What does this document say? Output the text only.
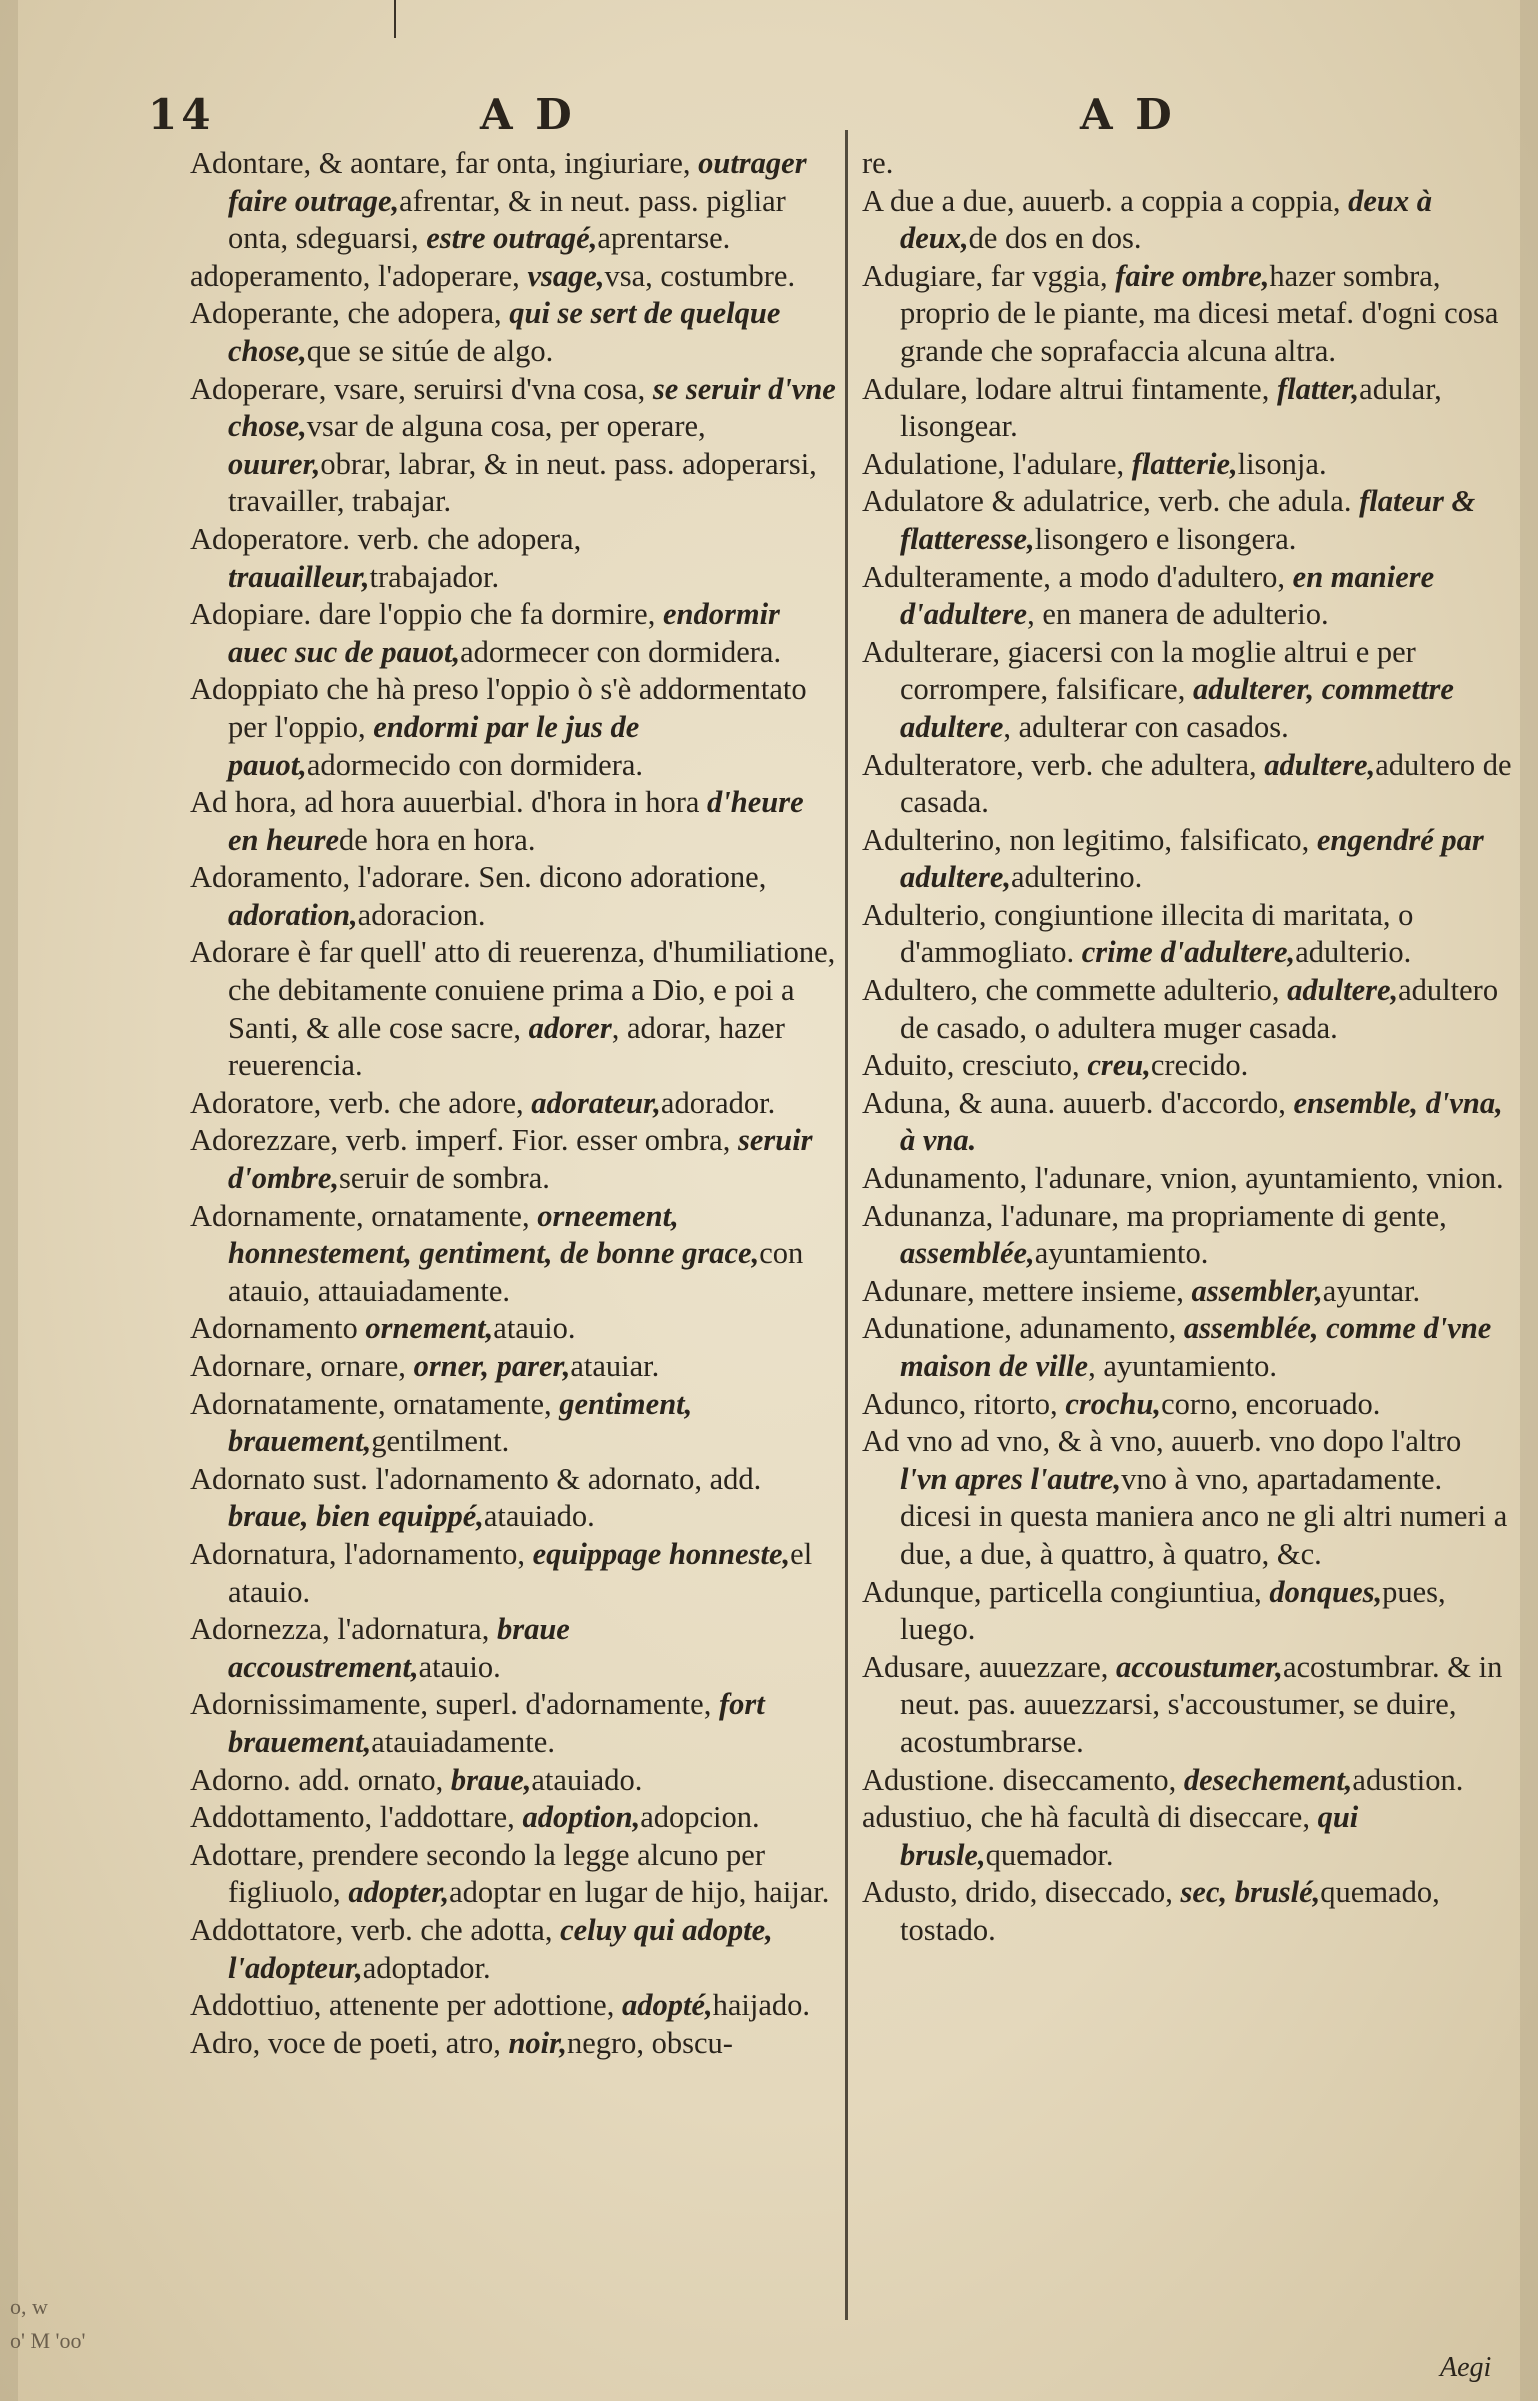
14	A D	A D

Adontare, & aontare, far onta, ingiuriare, outrager faire outrage,afrentar, & in neut. pass. pigliar onta, sdeguarsi, estre outragé,aprentarse.

adoperamento, l'adoperare, vsage,vsa, costumbre.

Adoperante, che adopera, qui se sert de quelque chose,que se sitúe de algo.

Adoperare, vsare, seruirsi d'vna cosa, se seruir d'vne chose,vsar de alguna cosa, per operare, ouurer,obrar, labrar, & in neut. pass. adoperarsi, travailler, trabajar.

Adoperatore. verb. che adopera, trauailleur,trabajador.

Adopiare. dare l'oppio che fa dormire, endormir auec suc de pauot,adormecer con dormidera.

Adoppiato che hà preso l'oppio ò s'è addormentato per l'oppio, endormi par le jus de pauot,adormecido con dormidera.

Ad hora, ad hora auuerbial. d'hora in hora d'heure en heurede hora en hora.

Adoramento, l'adorare. Sen. dicono adoratione, adoration,adoracion.

Adorare è far quell' atto di reuerenza, d'humiliatione, che debitamente conuiene prima a Dio, e poi a Santi, & alle cose sacre, adorer, adorar, hazer reuerencia.

Adoratore, verb. che adore, adorateur,adorador.

Adorezzare, verb. imperf. Fior. esser ombra, seruir d'ombre,seruir de sombra.

Adornamente, ornatamente, orneement, honnestement, gentiment, de bonne grace,con atauio, attauiadamente.

Adornamento ornement,atauio.

Adornare, ornare, orner, parer,atauiar.

Adornatamente, ornatamente, gentiment, brauement,gentilment.

Adornato sust. l'adornamento & adornato, add. braue, bien equippé,atauiado.

Adornatura, l'adornamento, equippage honneste,el atauio.

Adornezza, l'adornatura, braue accoustrement,atauio.

Adornissimamente, superl. d'adornamente, fort brauement,atauiadamente.

Adorno. add. ornato, braue,atauiado.

Addottamento, l'addottare, adoption,adopcion.

Adottare, prendere secondo la legge alcuno per figliuolo, adopter,adoptar en lugar de hijo, haijar.

Addottatore, verb. che adotta, celuy qui adopte, l'adopteur,adoptador.

Addottiuo, attenente per adottione, adopté,haijado.

Adro, voce de poeti, atro, noir,negro, obscu-

re.

A due a due, auuerb. a coppia a coppia, deux à deux,de dos en dos.

Adugiare, far vggia, faire ombre,hazer sombra, proprio de le piante, ma dicesi metaf. d'ogni cosa grande che soprafaccia alcuna altra.

Adulare, lodare altrui fintamente, flatter,adular, lisongear.

Adulatione, l'adulare, flatterie,lisonja.

Adulatore & adulatrice, verb. che adula. flateur & flatteresse,lisongero e lisongera.

Adulteramente, a modo d'adultero, en maniere d'adultere, en manera de adulterio.

Adulterare, giacersi con la moglie altrui e per corrompere, falsificare, adulterer, commettre adultere, adulterar con casados.

Adulteratore, verb. che adultera, adultere,adultero de casada.

Adulterino, non legitimo, falsificato, engendré par adultere,adulterino.

Adulterio, congiuntione illecita di maritata, o d'ammogliato. crime d'adultere,adulterio.

Adultero, che commette adulterio, adultere,adultero de casado, o adultera muger casada.

Aduito, cresciuto, creu,crecido.

Aduna, & auna. auuerb. d'accordo, ensemble, d'vna, à vna.

Adunamento, l'adunare, vnion, ayuntamiento, vnion.

Adunanza, l'adunare, ma propriamente di gente, assemblée,ayuntamiento.

Adunare, mettere insieme, assembler,ayuntar.

Adunatione, adunamento, assemblée, comme d'vne maison de ville, ayuntamiento.

Adunco, ritorto, crochu,corno, encoruado.

Ad vno ad vno, & à vno, auuerb. vno dopo l'altro l'vn apres l'autre,vno à vno, apartadamente. dicesi in questa maniera anco ne gli altri numeri a due, a due, à quattro, à quatro, &c.

Adunque, particella congiuntiua, donques,pues, luego.

Adusare, auuezzare, accoustumer,acostumbrar. & in neut. pas. auuezzarsi, s'accoustumer, se duire, acostumbrarse.

Adustione. diseccamento, desechement,adustion.

adustiuo, che hà facultà di diseccare, qui brusle,quemador.

Adusto, drido, diseccado, sec, bruslé,quemado, tostado.

o, w
o' M 'oo'
Aegi
